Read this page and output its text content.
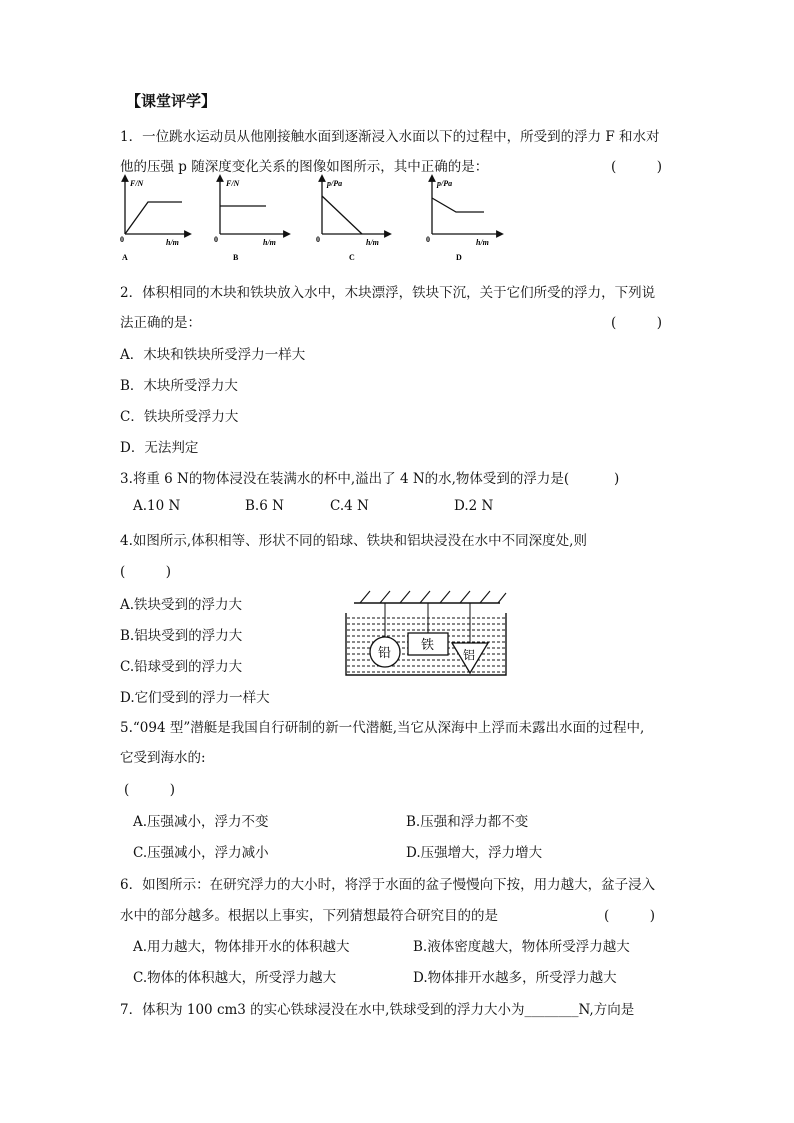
【课堂评学】
1．一位跳水运动员从他刚接触水面到逐渐浸入水面以下的过程中，所受到的浮力 F 和水对
他的压强 p 随深度变化关系的图像如图所示，其中正确的是：	(　　　)
F/N
h/m
0
A
F/N
h/m
0
B
p/Pa
h/m
0
C
p/Pa
h/m
0
D
2．体积相同的木块和铁块放入水中，木块漂浮，铁块下沉，关于它们所受的浮力，下列说
法正确的是：	(　　　)
A．木块和铁块所受浮力一样大
B．木块所受浮力大
C．铁块所受浮力大
D．无法判定
3.将重 6 N的物体浸没在装满水的杯中,溢出了 4 N的水,物体受到的浮力是(　　　 )
A.10 N	B.6 N	C.4 N	D.2 N
4.如图所示,体积相等、形状不同的铅球、铁块和铝块浸没在水中不同深度处,则
(　　　)
A.铁块受到的浮力大
B.铝块受到的浮力大
C.铅球受到的浮力大
D.它们受到的浮力一样大
铅
铁
铝
5.“094 型”潜艇是我国自行研制的新一代潜艇,当它从深海中上浮而未露出水面的过程中,
它受到海水的:
(　　　)
A.压强减小，浮力不变	B.压强和浮力都不变
C.压强减小，浮力减小	D.压强增大，浮力增大
6．如图所示：在研究浮力的大小时，将浮于水面的盆子慢慢向下按，用力越大，盆子浸入
水中的部分越多。根据以上事实，下列猜想最符合研究目的的是	(　　　)
A.用力越大，物体排开水的体积越大	B.液体密度越大，物体所受浮力越大
C.物体的体积越大，所受浮力越大	D.物体排开水越多，所受浮力越大
7．体积为 100 cm3 的实心铁球浸没在水中,铁球受到的浮力大小为________N,方向是
